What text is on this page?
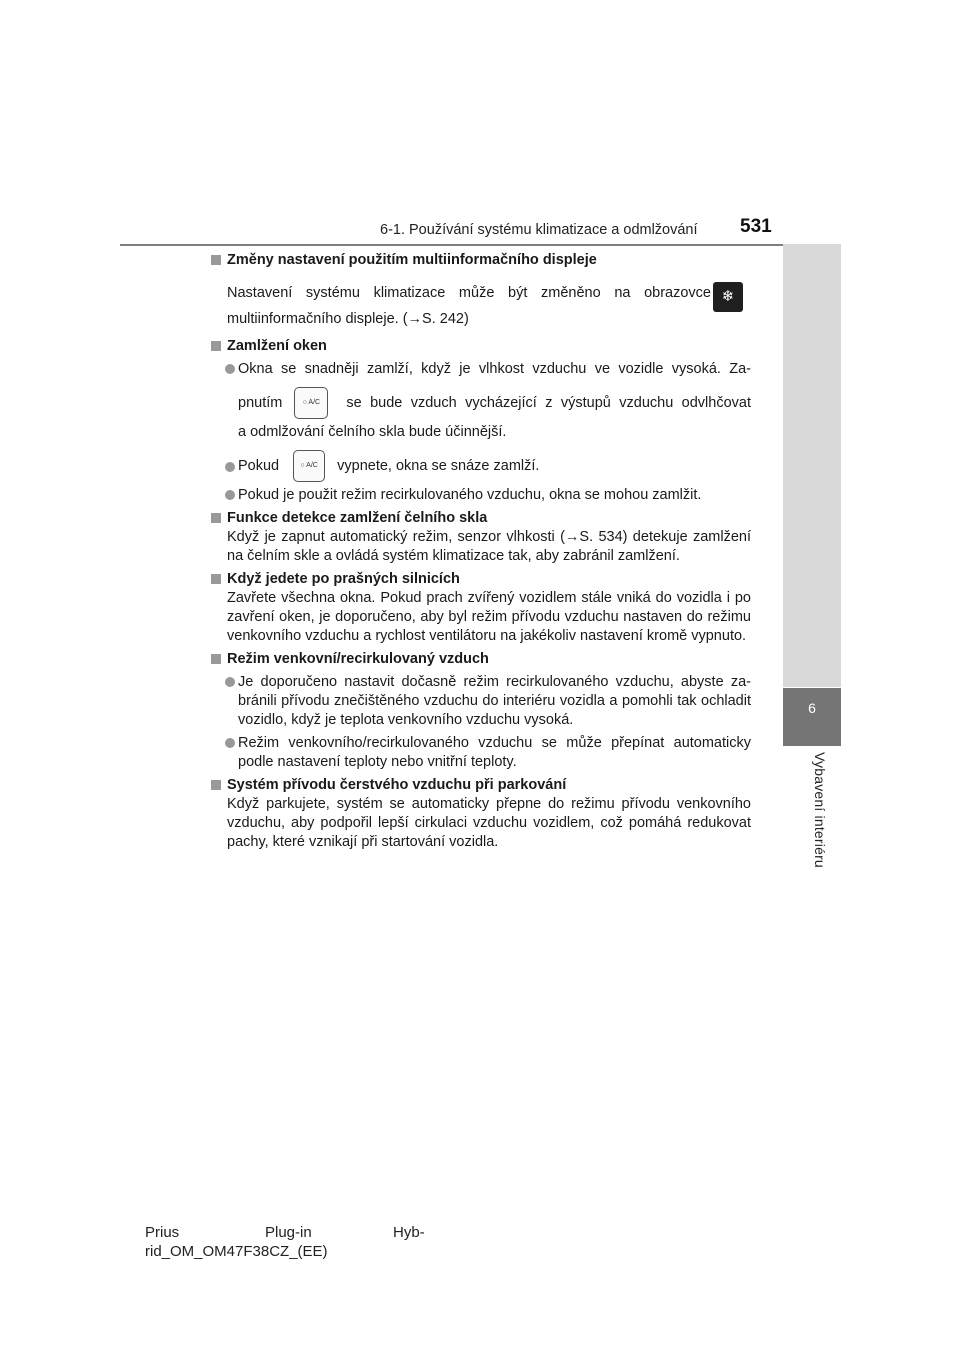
6-1. Používání systému klimatizace a odmlžování 531
6
Vybavení interiéru
❄

Změny nastavení použitím multiinformačního displeje

Nastavení systému klimatizace může být změněno na obrazovce

multiinformačního displeje. (→S. 242)

Zamlžení oken

Okna se snadněji zamlží, když je vlhkost vzduchu ve vozidle vysoká. Za-
pnutím	○ A/C	se bude vzduch vycházející z výstupů vzduchu odvlhčovat
a odmlžování čelního skla bude účinnější.
Pokud	○ A/C	vypnete, okna se snáze zamlží.
Pokud je použit režim recirkulovaného vzduchu, okna se mohou zamlžit.

Funkce detekce zamlžení čelního skla

Když je zapnut automatický režim, senzor vlhkosti (→S. 534) detekuje zamlžení na čelním skle a ovládá systém klimatizace tak, aby zabránil zamlžení.

Když jedete po prašných silnicích

Zavřete všechna okna. Pokud prach zvířený vozidlem stále vniká do vozidla i po zavření oken, je doporučeno, aby byl režim přívodu vzduchu nastaven do režimu venkovního vzduchu a rychlost ventilátoru na jakékoliv nastavení kromě vypnuto.

Režim venkovní/recirkulovaný vzduch

Je doporučeno nastavit dočasně režim recirkulovaného vzduchu, abyste zabránili přívodu znečištěného vzduchu do interiéru vozidla a pomohli tak ochladit vozidlo, když je teplota venkovního vzduchu vysoká.
Režim venkovního/recirkulovaného vzduchu se může přepínat automaticky podle nastavení teploty nebo vnitřní teploty.

Systém přívodu čerstvého vzduchu při parkování

Když parkujete, systém se automaticky přepne do režimu přívodu venkovního vzduchu, aby podpořil lepší cirkulaci vzduchu vozidlem, což pomáhá redukovat pachy, které vznikají při startování vozidla.

Prius	Plug-in	Hyb-
rid_OM_OM47F38CZ_(EE)
